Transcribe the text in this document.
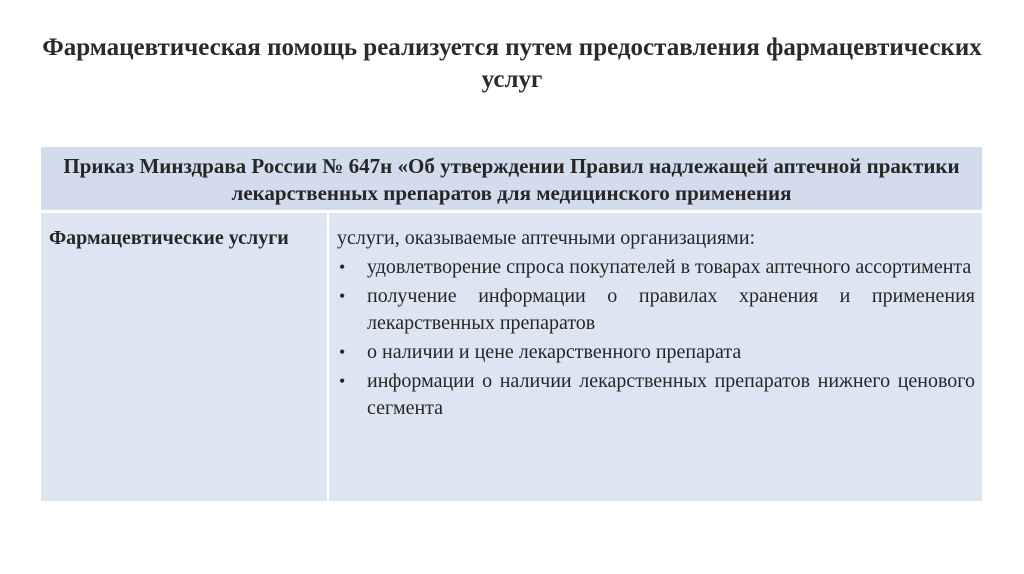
Фармацевтическая помощь реализуется путем предоставления фармацевтических услуг
Приказ Минздрава России № 647н «Об утверждении Правил надлежащей аптечной практики лекарственных препаратов для медицинского применения
Фармацевтические услуги	услуги, оказываемые аптечными организациями:

• удовлетворение спроса покупателей в товарах аптечного ассортимента
• получение информации о правилах хранения и применения лекарственных препаратов
• о наличии и цене лекарственного препарата
• информации о наличии лекарственных препаратов нижнего ценового сегмента
